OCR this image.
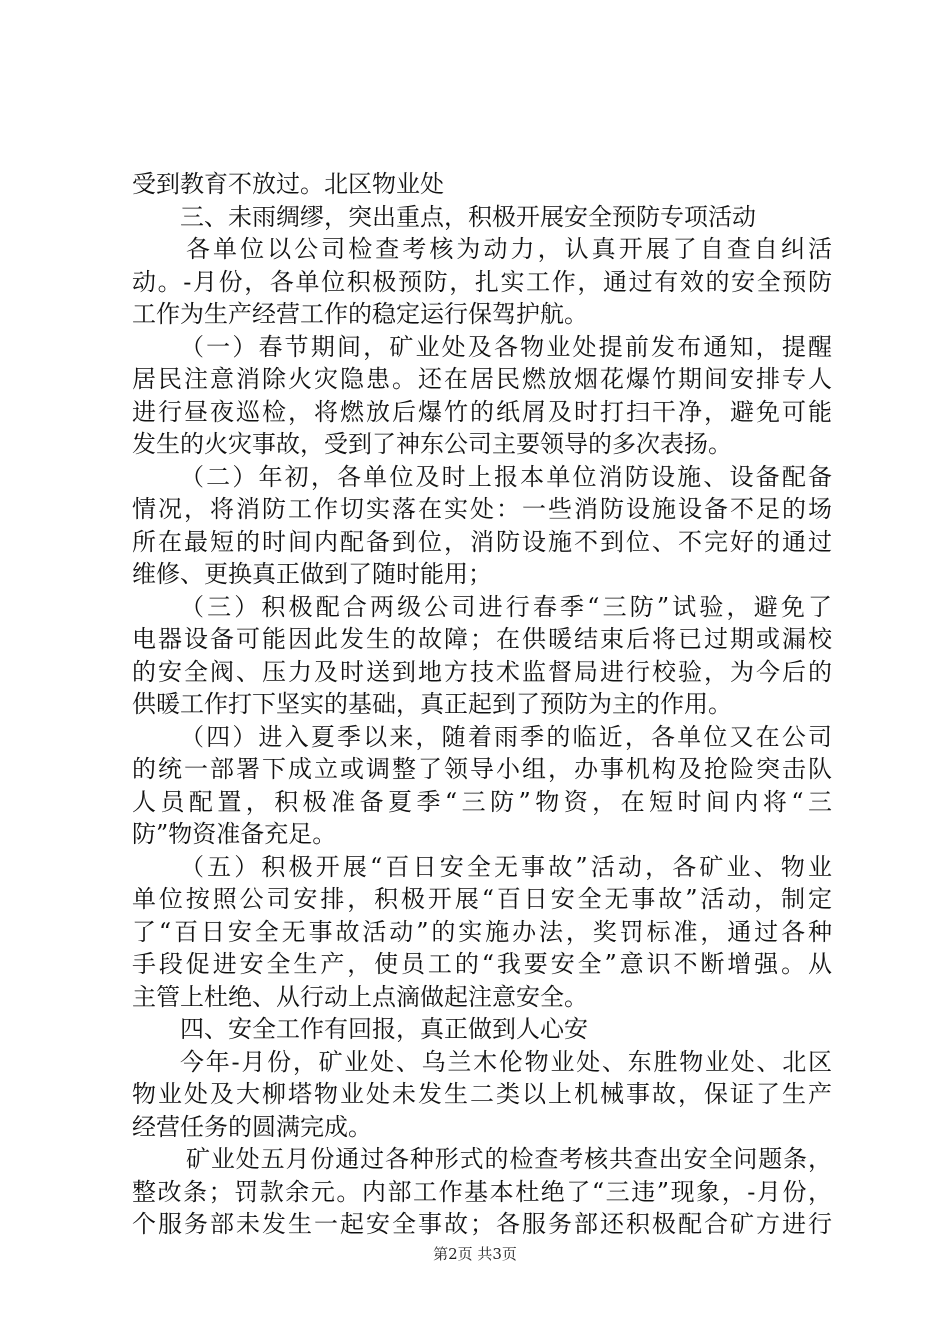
受到教育不放过。北区物业处
三、未雨绸缪，突出重点，积极开展安全预防专项活动
各单位以公司检查考核为动力，认真开展了自查自纠活
动。-月份，各单位积极预防，扎实工作，通过有效的安全预防
工作为生产经营工作的稳定运行保驾护航。
（一）春节期间，矿业处及各物业处提前发布通知，提醒
居民注意消除火灾隐患。还在居民燃放烟花爆竹期间安排专人
进行昼夜巡检，将燃放后爆竹的纸屑及时打扫干净，避免可能
发生的火灾事故，受到了神东公司主要领导的多次表扬。
（二）年初，各单位及时上报本单位消防设施、设备配备
情况，将消防工作切实落在实处：一些消防设施设备不足的场
所在最短的时间内配备到位，消防设施不到位、不完好的通过
维修、更换真正做到了随时能用；
（三）积极配合两级公司进行春季“三防”试验，避免了
电器设备可能因此发生的故障；在供暖结束后将已过期或漏校
的安全阀、压力及时送到地方技术监督局进行校验，为今后的
供暖工作打下坚实的基础，真正起到了预防为主的作用。
（四）进入夏季以来，随着雨季的临近，各单位又在公司
的统一部署下成立或调整了领导小组，办事机构及抢险突击队
人员配置，积极准备夏季“三防”物资，在短时间内将“三
防”物资准备充足。
（五）积极开展“百日安全无事故”活动，各矿业、物业
单位按照公司安排，积极开展“百日安全无事故”活动，制定
了“百日安全无事故活动”的实施办法，奖罚标准，通过各种
手段促进安全生产，使员工的“我要安全”意识不断增强。从
主管上杜绝、从行动上点滴做起注意安全。
四、安全工作有回报，真正做到人心安
今年-月份，矿业处、乌兰木伦物业处、东胜物业处、北区
物业处及大柳塔物业处未发生二类以上机械事故，保证了生产
经营任务的圆满完成。
矿业处五月份通过各种形式的检查考核共查出安全问题条，
整改条；罚款余元。内部工作基本杜绝了“三违”现象，-月份，
个服务部未发生一起安全事故；各服务部还积极配合矿方进行
第2页 共3页
